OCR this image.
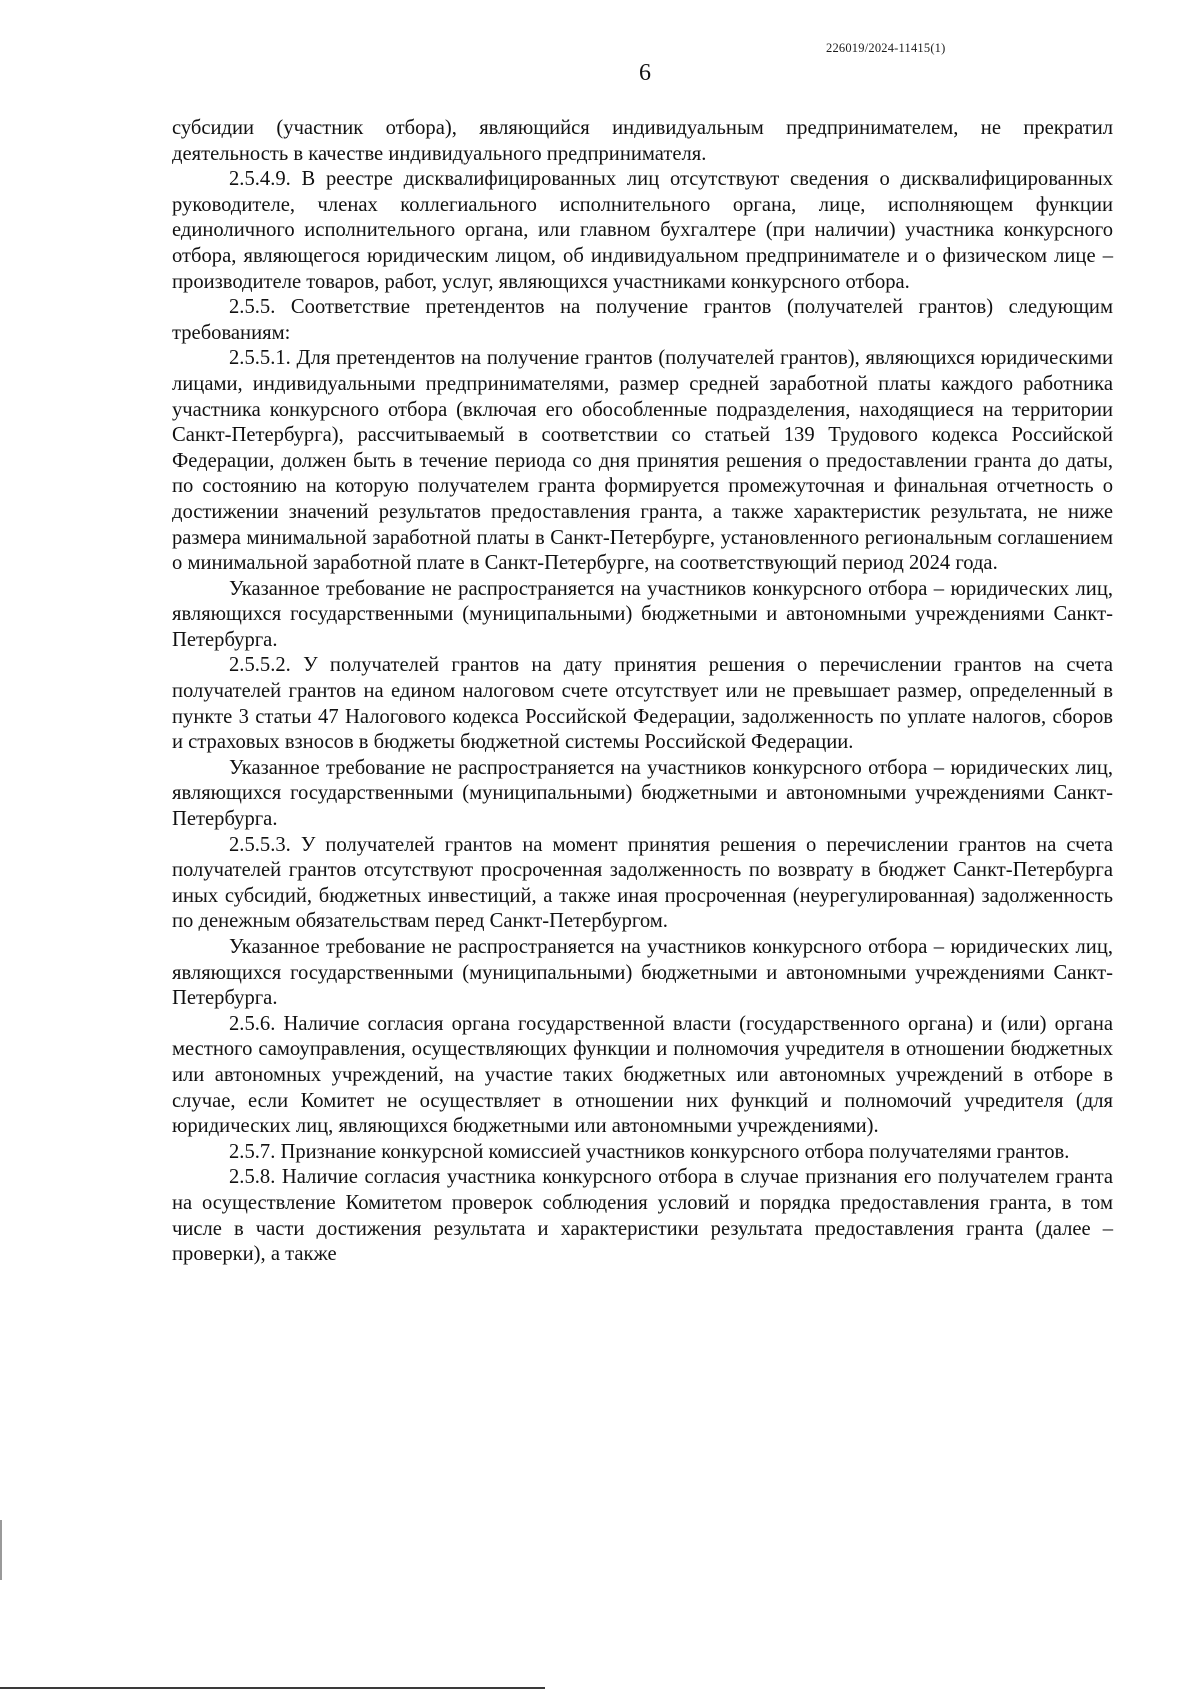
226019/2024-11415(1)
6

субсидии (участник отбора), являющийся индивидуальным предпринимателем, не прекратил деятельность в качестве индивидуального предпринимателя.

2.5.4.9. В реестре дисквалифицированных лиц отсутствуют сведения о дисквалифицированных руководителе, членах коллегиального исполнительного органа, лице, исполняющем функции единоличного исполнительного органа, или главном бухгалтере (при наличии) участника конкурсного отбора, являющегося юридическим лицом, об индивидуальном предпринимателе и о физическом лице – производителе товаров, работ, услуг, являющихся участниками конкурсного отбора.

2.5.5. Соответствие претендентов на получение грантов (получателей грантов) следующим требованиям:

2.5.5.1. Для претендентов на получение грантов (получателей грантов), являющихся юридическими лицами, индивидуальными предпринимателями, размер средней заработной платы каждого работника участника конкурсного отбора (включая его обособленные подразделения, находящиеся на территории Санкт-Петербурга), рассчитываемый в соответствии со статьей 139 Трудового кодекса Российской Федерации, должен быть в течение периода со дня принятия решения о предоставлении гранта до даты, по состоянию на которую получателем гранта формируется промежуточная и финальная отчетность о достижении значений результатов предоставления гранта, а также характеристик результата, не ниже размера минимальной заработной платы в Санкт-Петербурге, установленного региональным соглашением о минимальной заработной плате в Санкт-Петербурге, на соответствующий период 2024 года.

Указанное требование не распространяется на участников конкурсного отбора – юридических лиц, являющихся государственными (муниципальными) бюджетными и автономными учреждениями Санкт-Петербурга.

2.5.5.2. У получателей грантов на дату принятия решения о перечислении грантов на счета получателей грантов на едином налоговом счете отсутствует или не превышает размер, определенный в пункте 3 статьи 47 Налогового кодекса Российской Федерации, задолженность по уплате налогов, сборов и страховых взносов в бюджеты бюджетной системы Российской Федерации.

Указанное требование не распространяется на участников конкурсного отбора – юридических лиц, являющихся государственными (муниципальными) бюджетными и автономными учреждениями Санкт-Петербурга.

2.5.5.3. У получателей грантов на момент принятия решения о перечислении грантов на счета получателей грантов отсутствуют просроченная задолженность по возврату в бюджет Санкт-Петербурга иных субсидий, бюджетных инвестиций, а также иная просроченная (неурегулированная) задолженность по денежным обязательствам перед Санкт-Петербургом.

Указанное требование не распространяется на участников конкурсного отбора – юридических лиц, являющихся государственными (муниципальными) бюджетными и автономными учреждениями Санкт-Петербурга.

2.5.6. Наличие согласия органа государственной власти (государственного органа) и (или) органа местного самоуправления, осуществляющих функции и полномочия учредителя в отношении бюджетных или автономных учреждений, на участие таких бюджетных или автономных учреждений в отборе в случае, если Комитет не осуществляет в отношении них функций и полномочий учредителя (для юридических лиц, являющихся бюджетными или автономными учреждениями).

2.5.7. Признание конкурсной комиссией участников конкурсного отбора получателями грантов.

2.5.8. Наличие согласия участника конкурсного отбора в случае признания его получателем гранта на осуществление Комитетом проверок соблюдения условий и порядка предоставления гранта, в том числе в части достижения результата и характеристики результата предоставления гранта (далее – проверки), а также
